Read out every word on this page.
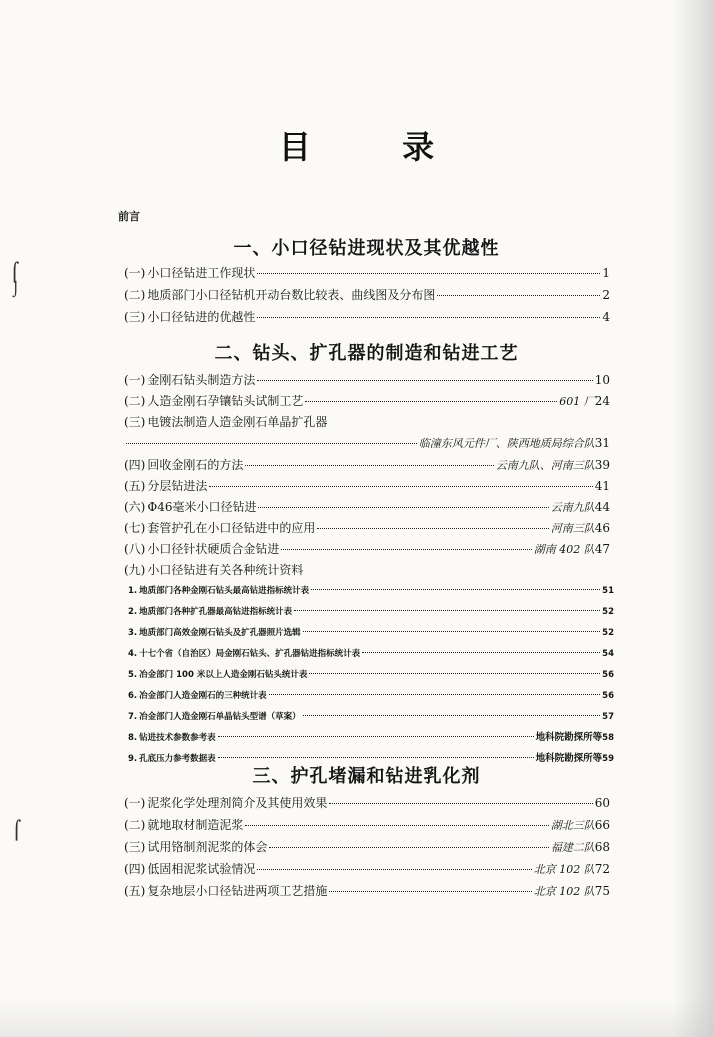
⌠
⌡
⌠
目 录
前言
一、小口径钻进现状及其优越性
(一) 小口径钻进工作现状	1
(二) 地质部门小口径钻机开动台数比较表、曲线图及分布图	2
(三) 小口径钻进的优越性	4
二、钻头、扩孔器的制造和钻进工艺
(一) 金刚石钻头制造方法	10
(二) 人造金刚石孕镶钻头试制工艺	601 厂 24
(三) 电镀法制造人造金刚石单晶扩孔器
临潼东风元件厂、陕西地质局综合队 31
(四) 回收金刚石的方法	云南九队、河南三队 39
(五) 分层钻进法	41
(六) Φ46毫米小口径钻进	云南九队 44
(七) 套管护孔在小口径钻进中的应用	河南三队 46
(八) 小口径针状硬质合金钻进	湖南 402 队 47
(九) 小口径钻进有关各种统计资料
1. 地质部门各种金刚石钻头最高钻进指标统计表	51
2. 地质部门各种扩孔器最高钻进指标统计表	52
3. 地质部门高效金刚石钻头及扩孔器照片选辑	52
4. 十七个省（自治区）局金刚石钻头、扩孔器钻进指标统计表	54
5. 冶金部门 100 米以上人造金刚石钻头统计表	56
6. 冶金部门人造金刚石的三种统计表	56
7. 冶金部门人造金刚石单晶钻头型谱（草案）	57
8. 钻进技术参数参考表	地科院勘探所等 58
9. 孔底压力参考数据表	地科院勘探所等 59
三、护孔堵漏和钻进乳化剂
(一) 泥浆化学处理剂简介及其使用效果	60
(二) 就地取材制造泥浆	湖北三队 66
(三) 试用铬制剂泥浆的体会	福建二队 68
(四) 低固相泥浆试验情况	北京 102 队 72
(五) 复杂地层小口径钻进两项工艺措施	北京 102 队 75
